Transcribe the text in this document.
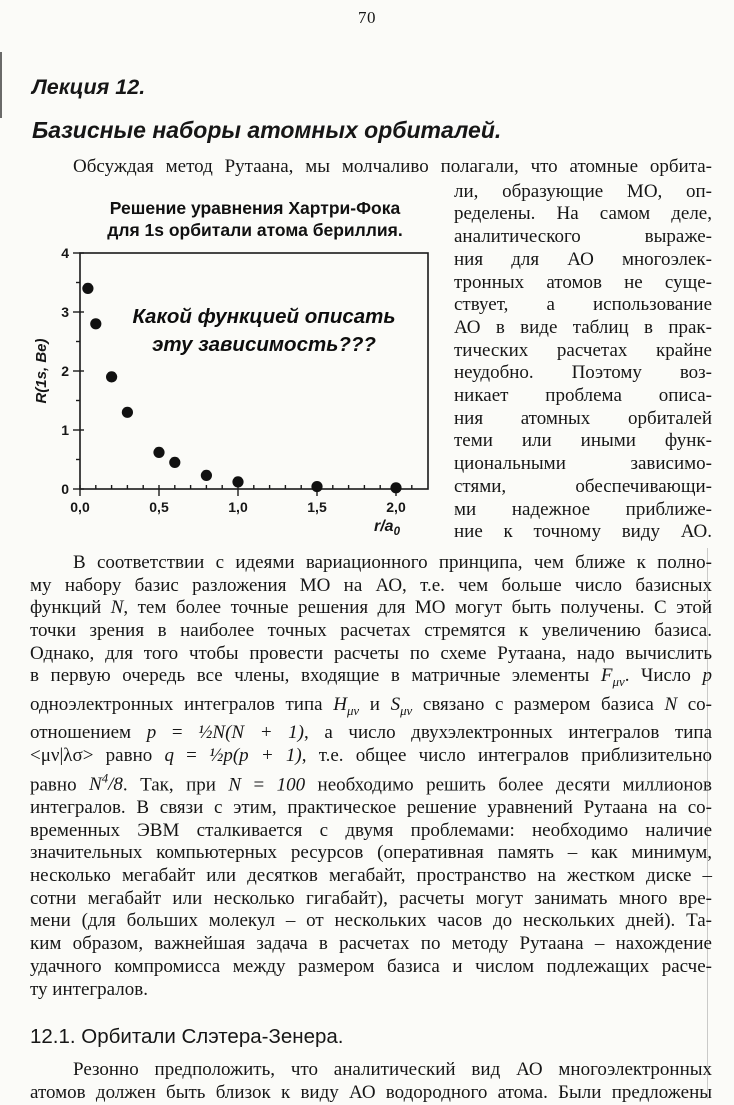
70
Лекция 12.
Базисные наборы атомных орбиталей.
Обсуждая метод Рутаана, мы молчаливо полагали, что атомные орбита-
Решение уравнения Хартри-Фока
для 1s орбитали атома бериллия.
0,0	0,5	1,0	1,5	2,0
0
1
2
3
4
Какой функцией описать
эту зависимость???
R(1s, Be)
$r/a_0$
ли, образующие МО, оп-
ределены. На самом деле,
аналитического выраже-
ния для АО многоэлек-
тронных атомов не суще-
ствует, а использование
АО в виде таблиц в прак-
тических расчетах крайне
неудобно. Поэтому воз-
никает проблема описа-
ния атомных орбиталей
теми или иными функ-
циональными зависимо-
стями, обеспечивающи-
ми надежное приближе-
ние к точному виду АО.
В соответствии с идеями вариационного принципа, чем ближе к полно-
му набору базис разложения МО на АО, т.е. чем больше число базисных
функций N, тем более точные решения для МО могут быть получены. С этой
точки зрения в наиболее точных расчетах стремятся к увеличению базиса.
Однако, для того чтобы провести расчеты по схеме Рутаана, надо вычислить
в первую очередь все члены, входящие в матричные элементы $F_{\mu\nu}$. Число p
одноэлектронных интегралов типа $H_{\mu\nu}$ и $S_{\mu\nu}$ связано с размером базиса N со-
отношением p = ½N(N + 1), а число двухэлектронных интегралов типа
<μν|λσ> равно q = ½p(p + 1), т.е. общее число интегралов приблизительно
равно $N^4/8$. Так, при N = 100 необходимо решить более десяти миллионов
интегралов. В связи с этим, практическое решение уравнений Рутаана на со-
временных ЭВМ сталкивается с двумя проблемами: необходимо наличие
значительных компьютерных ресурсов (оперативная память – как минимум,
несколько мегабайт или десятков мегабайт, пространство на жестком диске –
сотни мегабайт или несколько гигабайт), расчеты могут занимать много вре-
мени (для больших молекул – от нескольких часов до нескольких дней). Та-
ким образом, важнейшая задача в расчетах по методу Рутаана – нахождение
удачного компромисса между размером базиса и числом подлежащих расче-
ту интегралов.
12.1. Орбитали Слэтера-Зенера.
Резонно предположить, что аналитический вид АО многоэлектронных
атомов должен быть близок к виду АО водородного атома. Были предложены
